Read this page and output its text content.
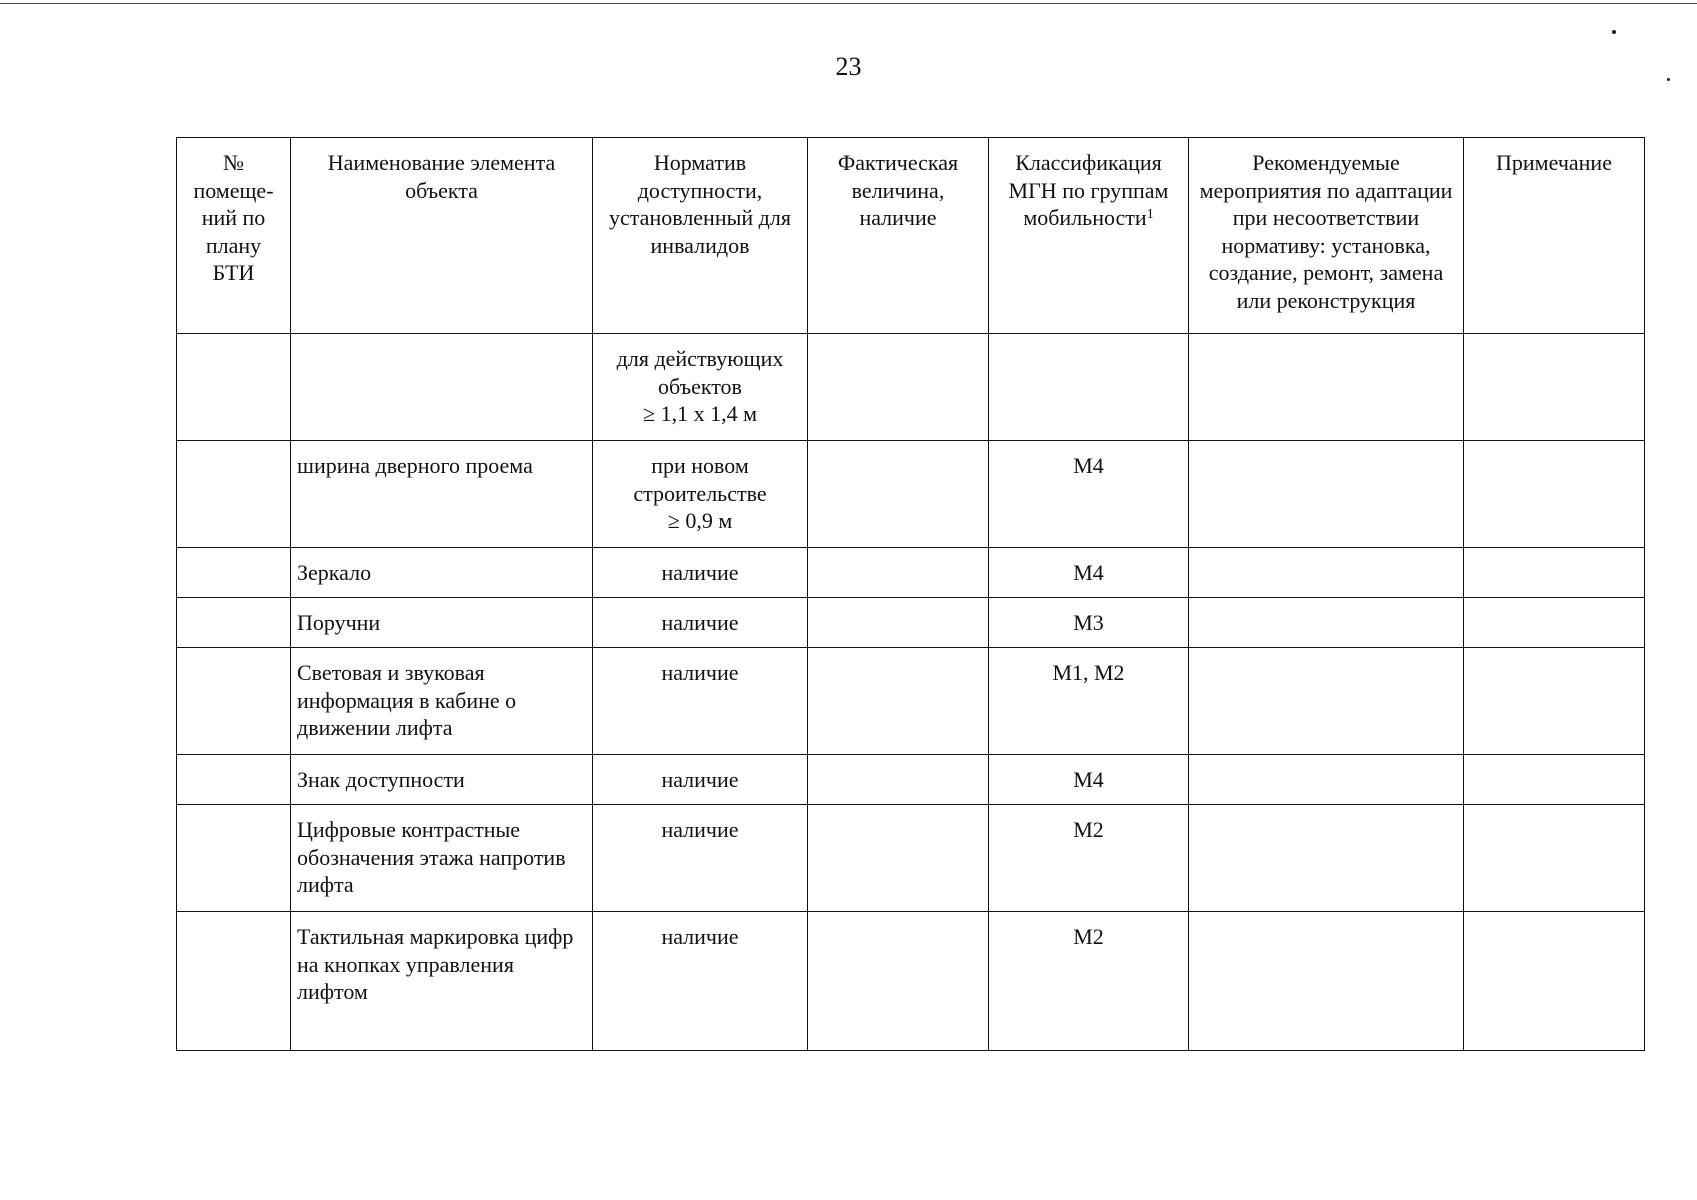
23
№ помеще-ний по плану БТИ	Наименование элемента объекта	Норматив доступности, установленный для инвалидов	Фактическая величина, наличие	Классификация МГН по группам мобильности$^1$	Рекомендуемые мероприятия по адаптации при несоответствии нормативу: установка, создание, ремонт, замена или реконструкция	Примечание

		для действующих
объектов
≥ 1,1 х 1,4 м				

	ширина дверного проема	при новом
строительстве
≥ 0,9 м		М4		
	Зеркало	наличие		М4		
	Поручни	наличие		М3		
	Световая и звуковая информация в кабине о движении лифта	наличие		М1, М2		
	Знак доступности	наличие		М4		
	Цифровые контрастные обозначения этажа напротив лифта	наличие		М2		
	Тактильная маркировка цифр на кнопках управления лифтом	наличие		М2		
